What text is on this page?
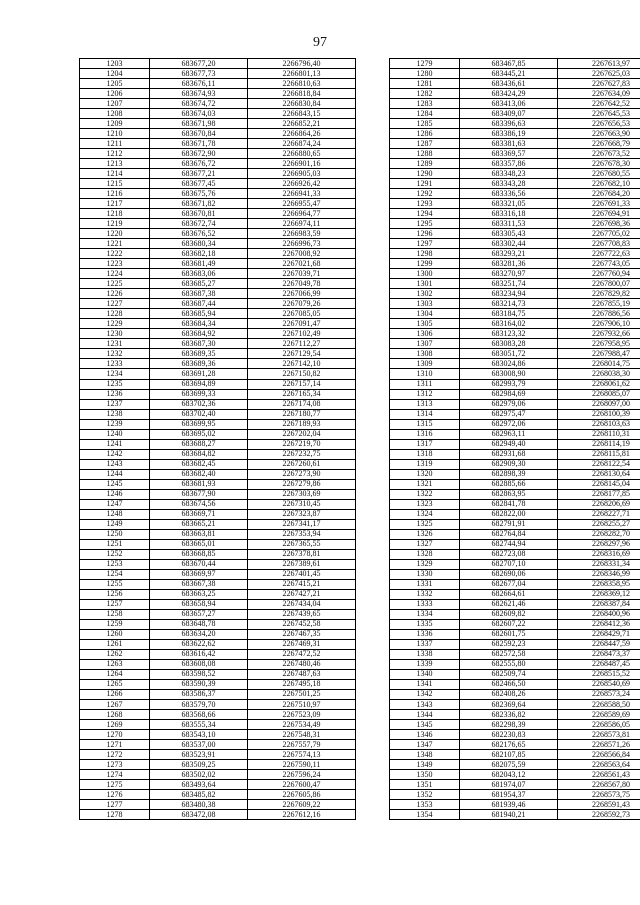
97
1203	683677,20	2266796,40
1204	683677,73	2266801,13
1205	683676,11	2266810,63
1206	683674,93	2266818,84
1207	683674,72	2266830,84
1208	683674,03	2266843,15
1209	683671,98	2266852,21
1210	683670,84	2266864,26
1211	683671,78	2266874,24
1212	683672,90	2266880,65
1213	683676,72	2266901,16
1214	683677,21	2266905,03
1215	683677,45	2266926,42
1216	683675,76	2266941,33
1217	683671,82	2266955,47
1218	683670,81	2266964,77
1219	683672,74	2266974,11
1220	683676,52	2266983,59
1221	683680,34	2266996,73
1222	683682,18	2267008,92
1223	683681,49	2267021,68
1224	683683,06	2267039,71
1225	683685,27	2267049,78
1226	683687,38	2267066,99
1227	683687,44	2267079,26
1228	683685,94	2267085,05
1229	683684,34	2267091,47
1230	683684,92	2267102,49
1231	683687,30	2267112,27
1232	683689,35	2267129,54
1233	683689,36	2267142,10
1234	683691,28	2267150,82
1235	683694,89	2267157,14
1236	683699,33	2267165,34
1237	683702,36	2267174,08
1238	683702,40	2267180,77
1239	683699,95	2267189,93
1240	683695,02	2267202,04
1241	683688,27	2267219,70
1242	683684,82	2267232,75
1243	683682,45	2267260,61
1244	683682,40	2267273,90
1245	683681,93	2267279,86
1246	683677,90	2267303,69
1247	683674,56	2267310,45
1248	683669,71	2267323,87
1249	683665,21	2267341,17
1250	683663,81	2267353,94
1251	683665,01	2267365,55
1252	683668,85	2267378,81
1253	683670,44	2267389,61
1254	683669,97	2267401,45
1255	683667,38	2267415,21
1256	683663,25	2267427,21
1257	683658,94	2267434,04
1258	683657,27	2267439,65
1259	683648,78	2267452,58
1260	683634,20	2267467,35
1261	683622,62	2267469,31
1262	683616,42	2267472,52
1263	683608,08	2267480,46
1264	683598,52	2267487,63
1265	683590,39	2267495,18
1266	683586,37	2267501,25
1267	683579,70	2267510,97
1268	683568,66	2267523,09
1269	683555,34	2267534,49
1270	683543,10	2267548,31
1271	683537,00	2267557,79
1272	683523,91	2267574,13
1273	683509,25	2267590,11
1274	683502,02	2267596,24
1275	683493,64	2267600,47
1276	683485,82	2267605,86
1277	683480,38	2267609,22
1278	683472,08	2267612,16
1279	683467,85	2267613,97
1280	683445,21	2267625,03
1281	683436,61	2267627,83
1282	683424,29	2267634,09
1283	683413,06	2267642,52
1284	683409,07	2267645,53
1285	683396,63	2267656,53
1286	683386,19	2267663,90
1287	683381,63	2267668,79
1288	683369,57	2267673,52
1289	683357,86	2267678,30
1290	683348,23	2267680,55
1291	683343,28	2267682,10
1292	683336,56	2267684,20
1293	683321,05	2267691,33
1294	683316,18	2267694,91
1295	683311,53	2267698,36
1296	683305,43	2267705,02
1297	683302,44	2267708,83
1298	683293,21	2267722,63
1299	683281,36	2267743,05
1300	683270,97	2267760,94
1301	683251,74	2267800,07
1302	683234,94	2267829,82
1303	683214,73	2267855,19
1304	683184,75	2267886,56
1305	683164,02	2267906,10
1306	683123,32	2267932,66
1307	683083,28	2267958,95
1308	683051,72	2267988,47
1309	683024,86	2268014,75
1310	683008,90	2268038,30
1311	682993,79	2268061,62
1312	682984,69	2268085,07
1313	682979,06	2268097,00
1314	682975,47	2268100,39
1315	682972,06	2268103,63
1316	682963,11	2268110,31
1317	682949,40	2268114,19
1318	682931,68	2268115,81
1319	682909,30	2268122,54
1320	682898,39	2268130,64
1321	682885,66	2268145,04
1322	682863,95	2268177,85
1323	682841,78	2268206,69
1324	682822,00	2268227,71
1325	682791,91	2268255,27
1326	682764,84	2268282,70
1327	682744,94	2268297,96
1328	682723,08	2268316,69
1329	682707,10	2268331,34
1330	682690,06	2268346,99
1331	682677,04	2268358,95
1332	682664,61	2268369,12
1333	682621,46	2268387,84
1334	682609,82	2268400,96
1335	682607,22	2268412,36
1336	682601,75	2268429,71
1337	682592,23	2268447,59
1338	682572,58	2268473,37
1339	682555,80	2268487,45
1340	682509,74	2268515,52
1341	682466,50	2268540,69
1342	682408,26	2268573,24
1343	682369,64	2268588,50
1344	682336,82	2268589,69
1345	682298,39	2268586,05
1346	682230,83	2268573,81
1347	682176,65	2268571,26
1348	682107,85	2268566,84
1349	682075,59	2268563,64
1350	682043,12	2268561,43
1351	681974,07	2268567,80
1352	681954,37	2268573,75
1353	681939,46	2268591,43
1354	681940,21	2268592,73
